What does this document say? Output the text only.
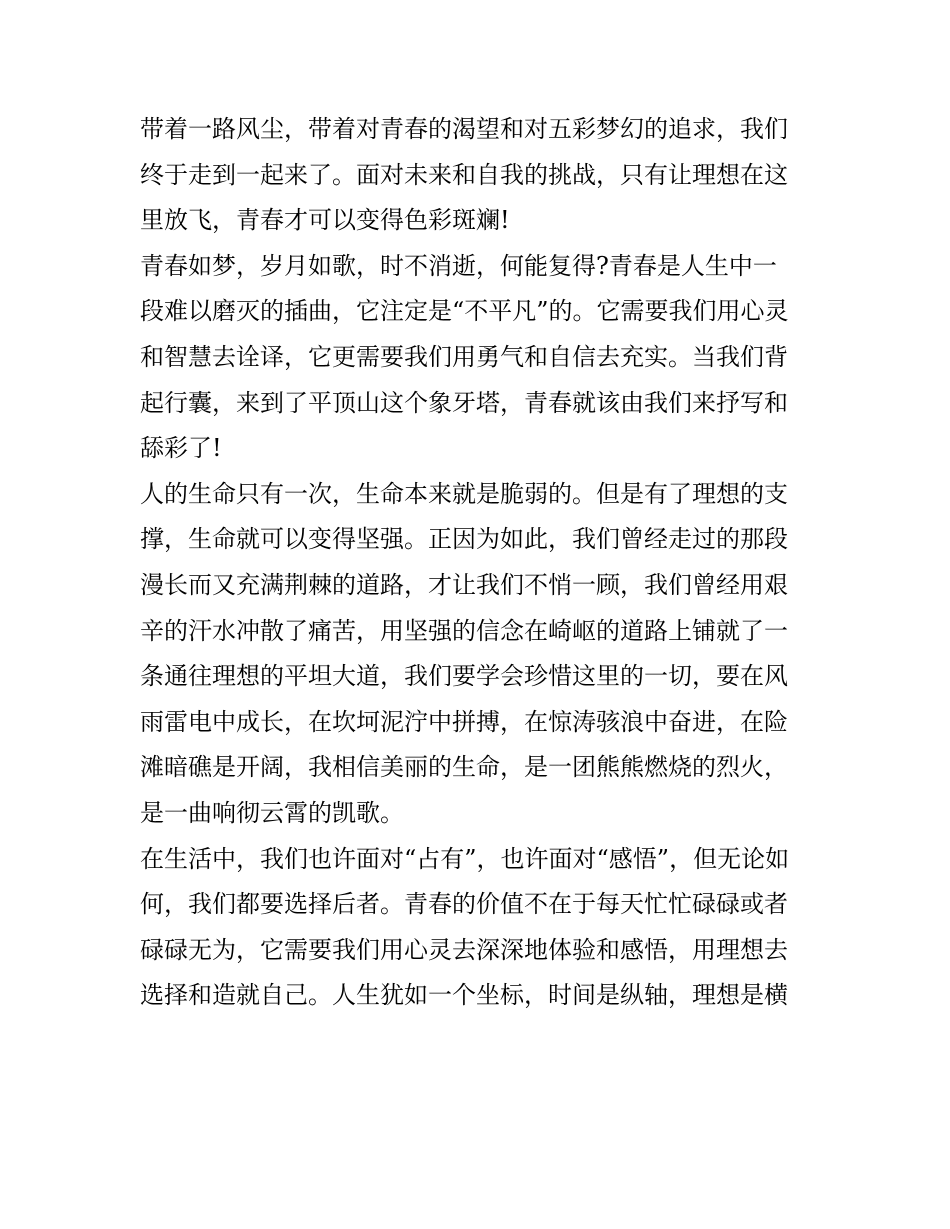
带着一路风尘，带着对青春的渴望和对五彩梦幻的追求，我们
终于走到一起来了。面对未来和自我的挑战，只有让理想在这
里放飞，青春才可以变得色彩斑斓!
青春如梦，岁月如歌，时不消逝，何能复得?青春是人生中一
段难以磨灭的插曲，它注定是“不平凡”的。它需要我们用心灵
和智慧去诠译，它更需要我们用勇气和自信去充实。当我们背
起行囊，来到了平顶山这个象牙塔，青春就该由我们来抒写和
舔彩了!
人的生命只有一次，生命本来就是脆弱的。但是有了理想的支
撑，生命就可以变得坚强。正因为如此，我们曾经走过的那段
漫长而又充满荆棘的道路，才让我们不悄一顾，我们曾经用艰
辛的汗水冲散了痛苦，用坚强的信念在崎岖的道路上铺就了一
条通往理想的平坦大道，我们要学会珍惜这里的一切，要在风
雨雷电中成长，在坎坷泥泞中拼搏，在惊涛骇浪中奋进，在险
滩暗礁是开阔，我相信美丽的生命，是一团熊熊燃烧的烈火，
是一曲响彻云霄的凯歌。
在生活中，我们也许面对“占有”，也许面对“感悟”，但无论如
何，我们都要选择后者。青春的价值不在于每天忙忙碌碌或者
碌碌无为，它需要我们用心灵去深深地体验和感悟，用理想去
选择和造就自己。人生犹如一个坐标，时间是纵轴，理想是横
